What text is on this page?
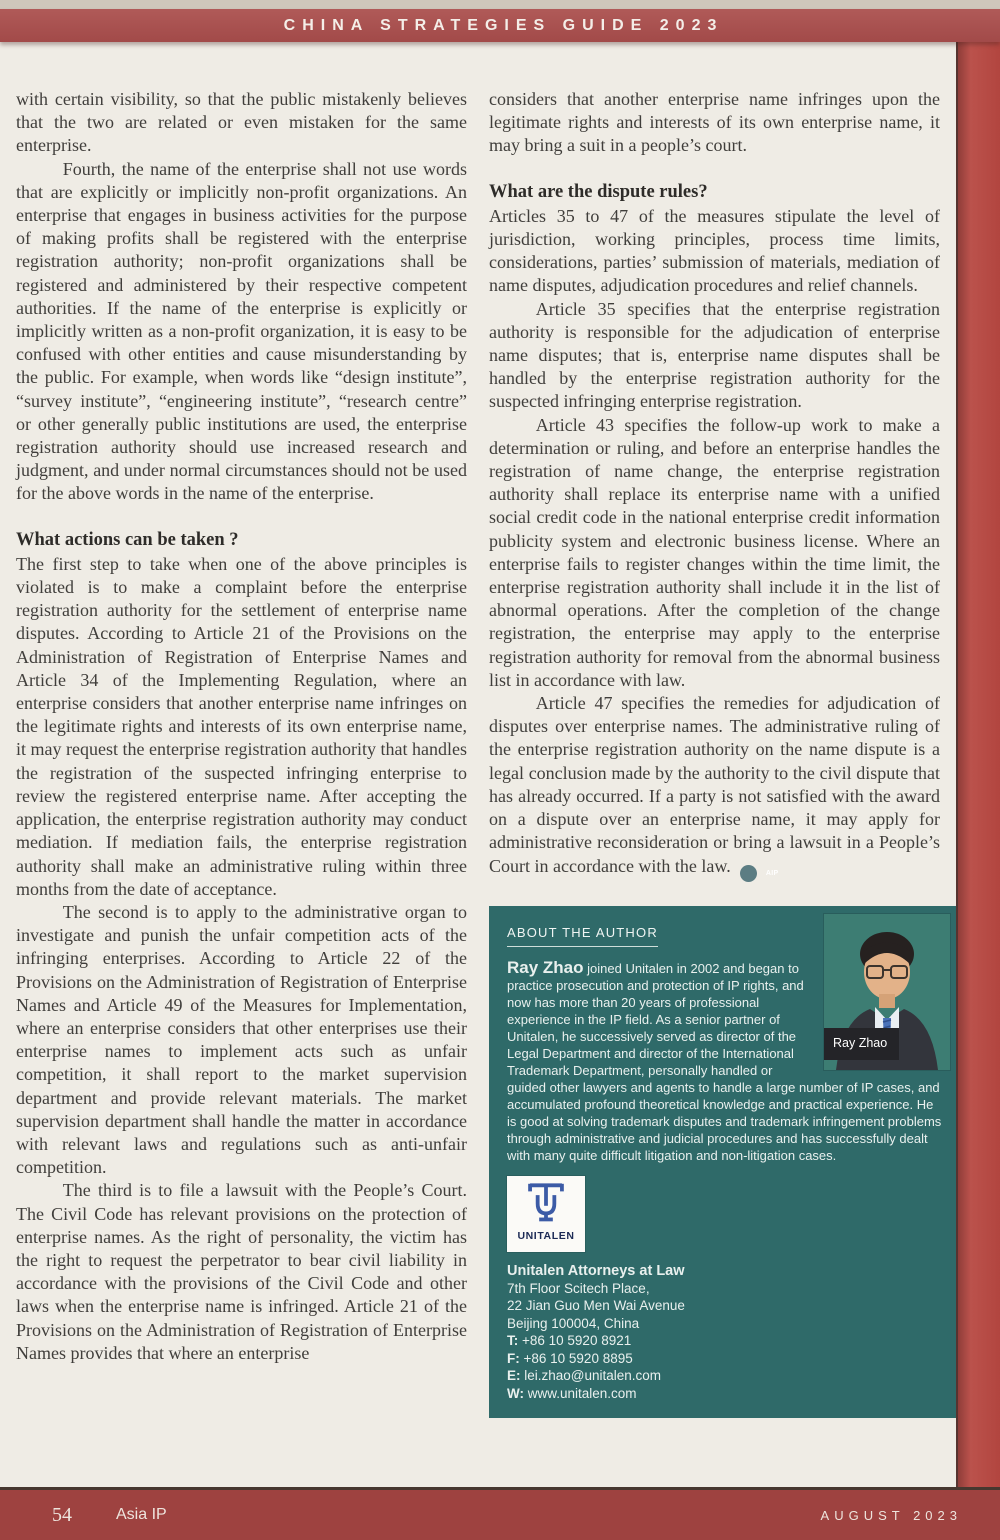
CHINA STRATEGIES GUIDE 2023

with certain visibility, so that the public mistakenly believes that the two are related or even mistaken for the same enterprise.

Fourth, the name of the enterprise shall not use words that are explicitly or implicitly non-profit organizations. An enterprise that engages in business activities for the purpose of making profits shall be registered with the enterprise registration authority; non-profit organizations shall be registered and administered by their respective competent authorities. If the name of the enterprise is explicitly or implicitly written as a non-profit organization, it is easy to be confused with other entities and cause misunderstanding by the public. For example, when words like “design institute”, “survey institute”, “engineering institute”, “research centre” or other generally public institutions are used, the enterprise registration authority should use increased research and judgment, and under normal circumstances should not be used for the above words in the name of the enterprise.

What actions can be taken ?

The first step to take when one of the above principles is violated is to make a complaint before the enterprise registration authority for the settlement of enterprise name disputes. According to Article 21 of the Provisions on the Administration of Registration of Enterprise Names and Article 34 of the Implementing Regulation, where an enterprise considers that another enterprise name infringes on the legitimate rights and interests of its own enterprise name, it may request the enterprise registration authority that handles the registration of the suspected infringing enterprise to review the registered enterprise name. After accepting the application, the enterprise registration authority may conduct mediation. If mediation fails, the enterprise registration authority shall make an administrative ruling within three months from the date of acceptance.

The second is to apply to the administrative organ to investigate and punish the unfair competition acts of the infringing enterprises. According to Article 22 of the Provisions on the Administration of Registration of Enterprise Names and Article 49 of the Measures for Implementation, where an enterprise considers that other enterprises use their enterprise names to implement acts such as unfair competition, it shall report to the market supervision department and provide relevant materials. The market supervision department shall handle the matter in accordance with relevant laws and regulations such as anti-unfair competition.

The third is to file a lawsuit with the People’s Court. The Civil Code has relevant provisions on the protection of enterprise names. As the right of personality, the victim has the right to request the perpetrator to bear civil liability in accordance with the provisions of the Civil Code and other laws when the enterprise name is infringed. Article 21 of the Provisions on the Administration of Registration of Enterprise Names provides that where an enterprise

considers that another enterprise name infringes upon the legitimate rights and interests of its own enterprise name, it may bring a suit in a people’s court.

What are the dispute rules?

Articles 35 to 47 of the measures stipulate the level of jurisdiction, working principles, process time limits, considerations, parties’ submission of materials, mediation of name disputes, adjudication procedures and relief channels.

Article 35 specifies that the enterprise registration authority is responsible for the adjudication of enterprise name disputes; that is, enterprise name disputes shall be handled by the enterprise registration authority for the suspected infringing enterprise registration.

Article 43 specifies the follow-up work to make a determination or ruling, and before an enterprise handles the registration of name change, the enterprise registration authority shall replace its enterprise name with a unified social credit code in the national enterprise credit information publicity system and electronic business license. Where an enterprise fails to register changes within the time limit, the enterprise registration authority shall include it in the list of abnormal operations. After the completion of the change registration, the enterprise may apply to the enterprise registration authority for removal from the abnormal business list in accordance with law.

Article 47 specifies the remedies for adjudication of disputes over enterprise names. The administrative ruling of the enterprise registration authority on the name dispute is a legal conclusion made by the authority to the civil dispute that has already occurred. If a party is not satisfied with the award on a dispute over an enterprise name, it may apply for administrative reconsideration or bring a lawsuit in a People’s Court in accordance with the law.	AIP

Ray Zhao
ABOUT THE AUTHOR

Ray Zhao joined Unitalen in 2002 and began to practice prosecution and protection of IP rights, and now has more than 20 years of professional experience in the IP field. As a senior partner of Unitalen, he successively served as director of the Legal Department and director of the International Trademark Department, personally handled or guided other lawyers and agents to handle a large number of IP cases, and accumulated profound theoretical knowledge and practical experience. He is good at solving trademark disputes and trademark infringement problems through administrative and judicial procedures and has successfully dealt with many quite difficult litigation and non-litigation cases.

UNITALEN
Unitalen Attorneys at Law
7th Floor Scitech Place,
22 Jian Guo Men Wai Avenue
Beijing 100004, China
T: +86 10 5920 8921
F: +86 10 5920 8895
E: lei.zhao@unitalen.com
W: www.unitalen.com
54	Asia IP	AUGUST 2023
